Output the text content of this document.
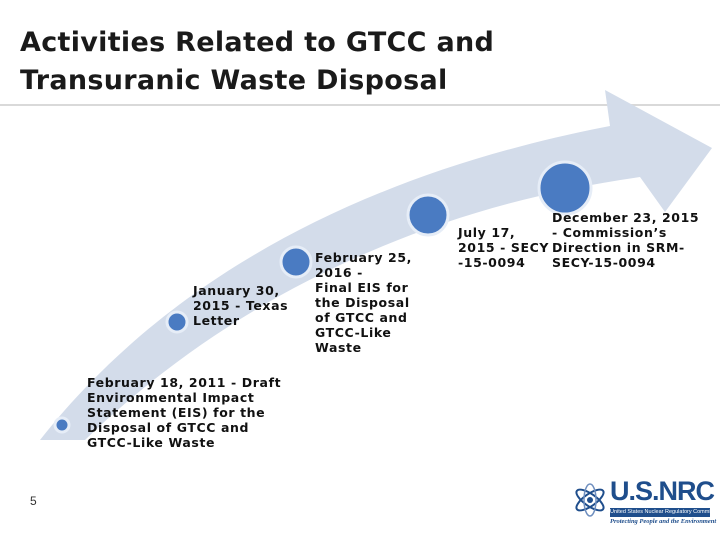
Activities Related to GTCC and
Transuranic Waste Disposal

February 18, 2011 - Draft
Environmental Impact
Statement (EIS) for the
Disposal of GTCC and
GTCC-Like Waste

January 30,
2015 - Texas
Letter

February 25,
2016 -
Final EIS for
the Disposal
of GTCC and
GTCC-Like
Waste

July 17,
2015 - SECY
-15-0094

December 23, 2015
- Commission’s
Direction in SRM-
SECY-15-0094

5	U.S.NRC
United States Nuclear Regulatory Commission
Protecting People and the Environment
